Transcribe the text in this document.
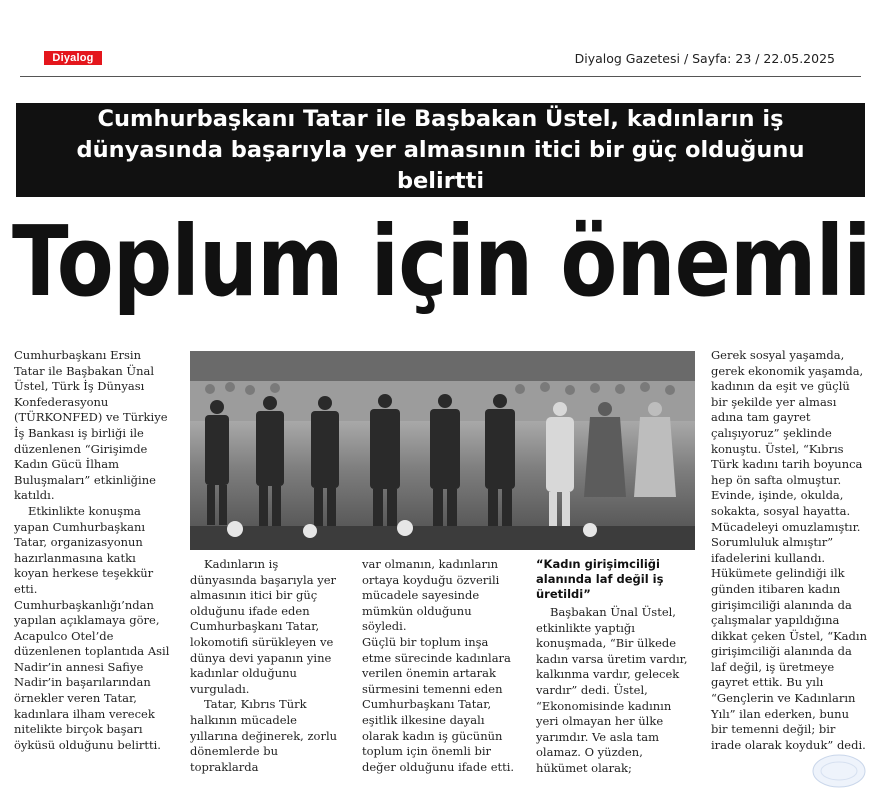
Diyalog	Diyalog Gazetesi / Sayfa: 23 / 22.05.2025
Cumhurbaşkanı Tatar ile Başbakan Üstel, kadınların iş dünyasında başarıyla yer almasının itici bir güç olduğunu belirtti
Toplum için önemli

Cumhurbaşkanı Ersin Tatar ile Başbakan Ünal Üstel, Türk İş Dünyası Konfederasyonu (TÜRKONFED) ve Türkiye İş Bankası iş birliği ile düzenlenen “Girişimde Kadın Gücü İlham Buluşmaları” etkinliğine katıldı.

Etkinlikte konuşma yapan Cumhurbaşkanı Tatar, organizasyonun hazırlanmasına katkı koyan herkese teşekkür etti.

Cumhurbaşkanlığı’ndan yapılan açıklamaya göre, Acapulco Otel’de düzenlenen toplantıda Asil Nadir’in annesi Safiye Nadir’in başarılarından örnekler veren Tatar, kadınlara ilham verecek nitelikte birçok başarı öyküsü olduğunu belirtti.

Kadınların iş dünyasında başarıyla yer almasının itici bir güç olduğunu ifade eden Cumhurbaşkanı Tatar, lokomotifi sürükleyen ve dünya devi yapanın yine kadınlar olduğunu vurguladı.

Tatar, Kıbrıs Türk halkının mücadele yıllarına değinerek, zorlu dönemlerde bu topraklarda

var olmanın, kadınların ortaya koyduğu özverili mücadele sayesinde mümkün olduğunu söyledi.

Güçlü bir toplum inşa etme sürecinde kadınlara verilen önemin artarak sürmesini temenni eden Cumhurbaşkanı Tatar, eşitlik ilkesine dayalı olarak kadın iş gücünün toplum için önemli bir değer olduğunu ifade etti.

“Kadın girişimciliği alanında laf değil iş üretildi”

Başbakan Ünal Üstel, etkinlikte yaptığı konuşmada, “Bir ülkede kadın varsa üretim vardır, kalkınma vardır, gelecek vardır” dedi. Üstel, “Ekonomisinde kadının yeri olmayan her ülke yarımdır. Ve asla tam olamaz. O yüzden, hükümet olarak;

Gerek sosyal yaşamda, gerek ekonomik yaşamda, kadının da eşit ve güçlü bir şekilde yer alması adına tam gayret çalışıyoruz” şeklinde konuştu. Üstel, “Kıbrıs Türk kadını tarih boyunca hep ön safta olmuştur. Evinde, işinde, okulda, sokakta, sosyal hayatta. Mücadeleyi omuzlamıştır. Sorumluluk almıştır” ifadelerini kullandı. Hükümete gelindiği ilk günden itibaren kadın girişimciliği alanında da çalışmalar yapıldığına dikkat çeken Üstel, “Kadın girişimciliği alanında da laf değil, iş üretmeye gayret ettik. Bu yılı “Gençlerin ve Kadınların Yılı” ilan ederken, bunu bir temenni değil; bir irade olarak koyduk” dedi.
